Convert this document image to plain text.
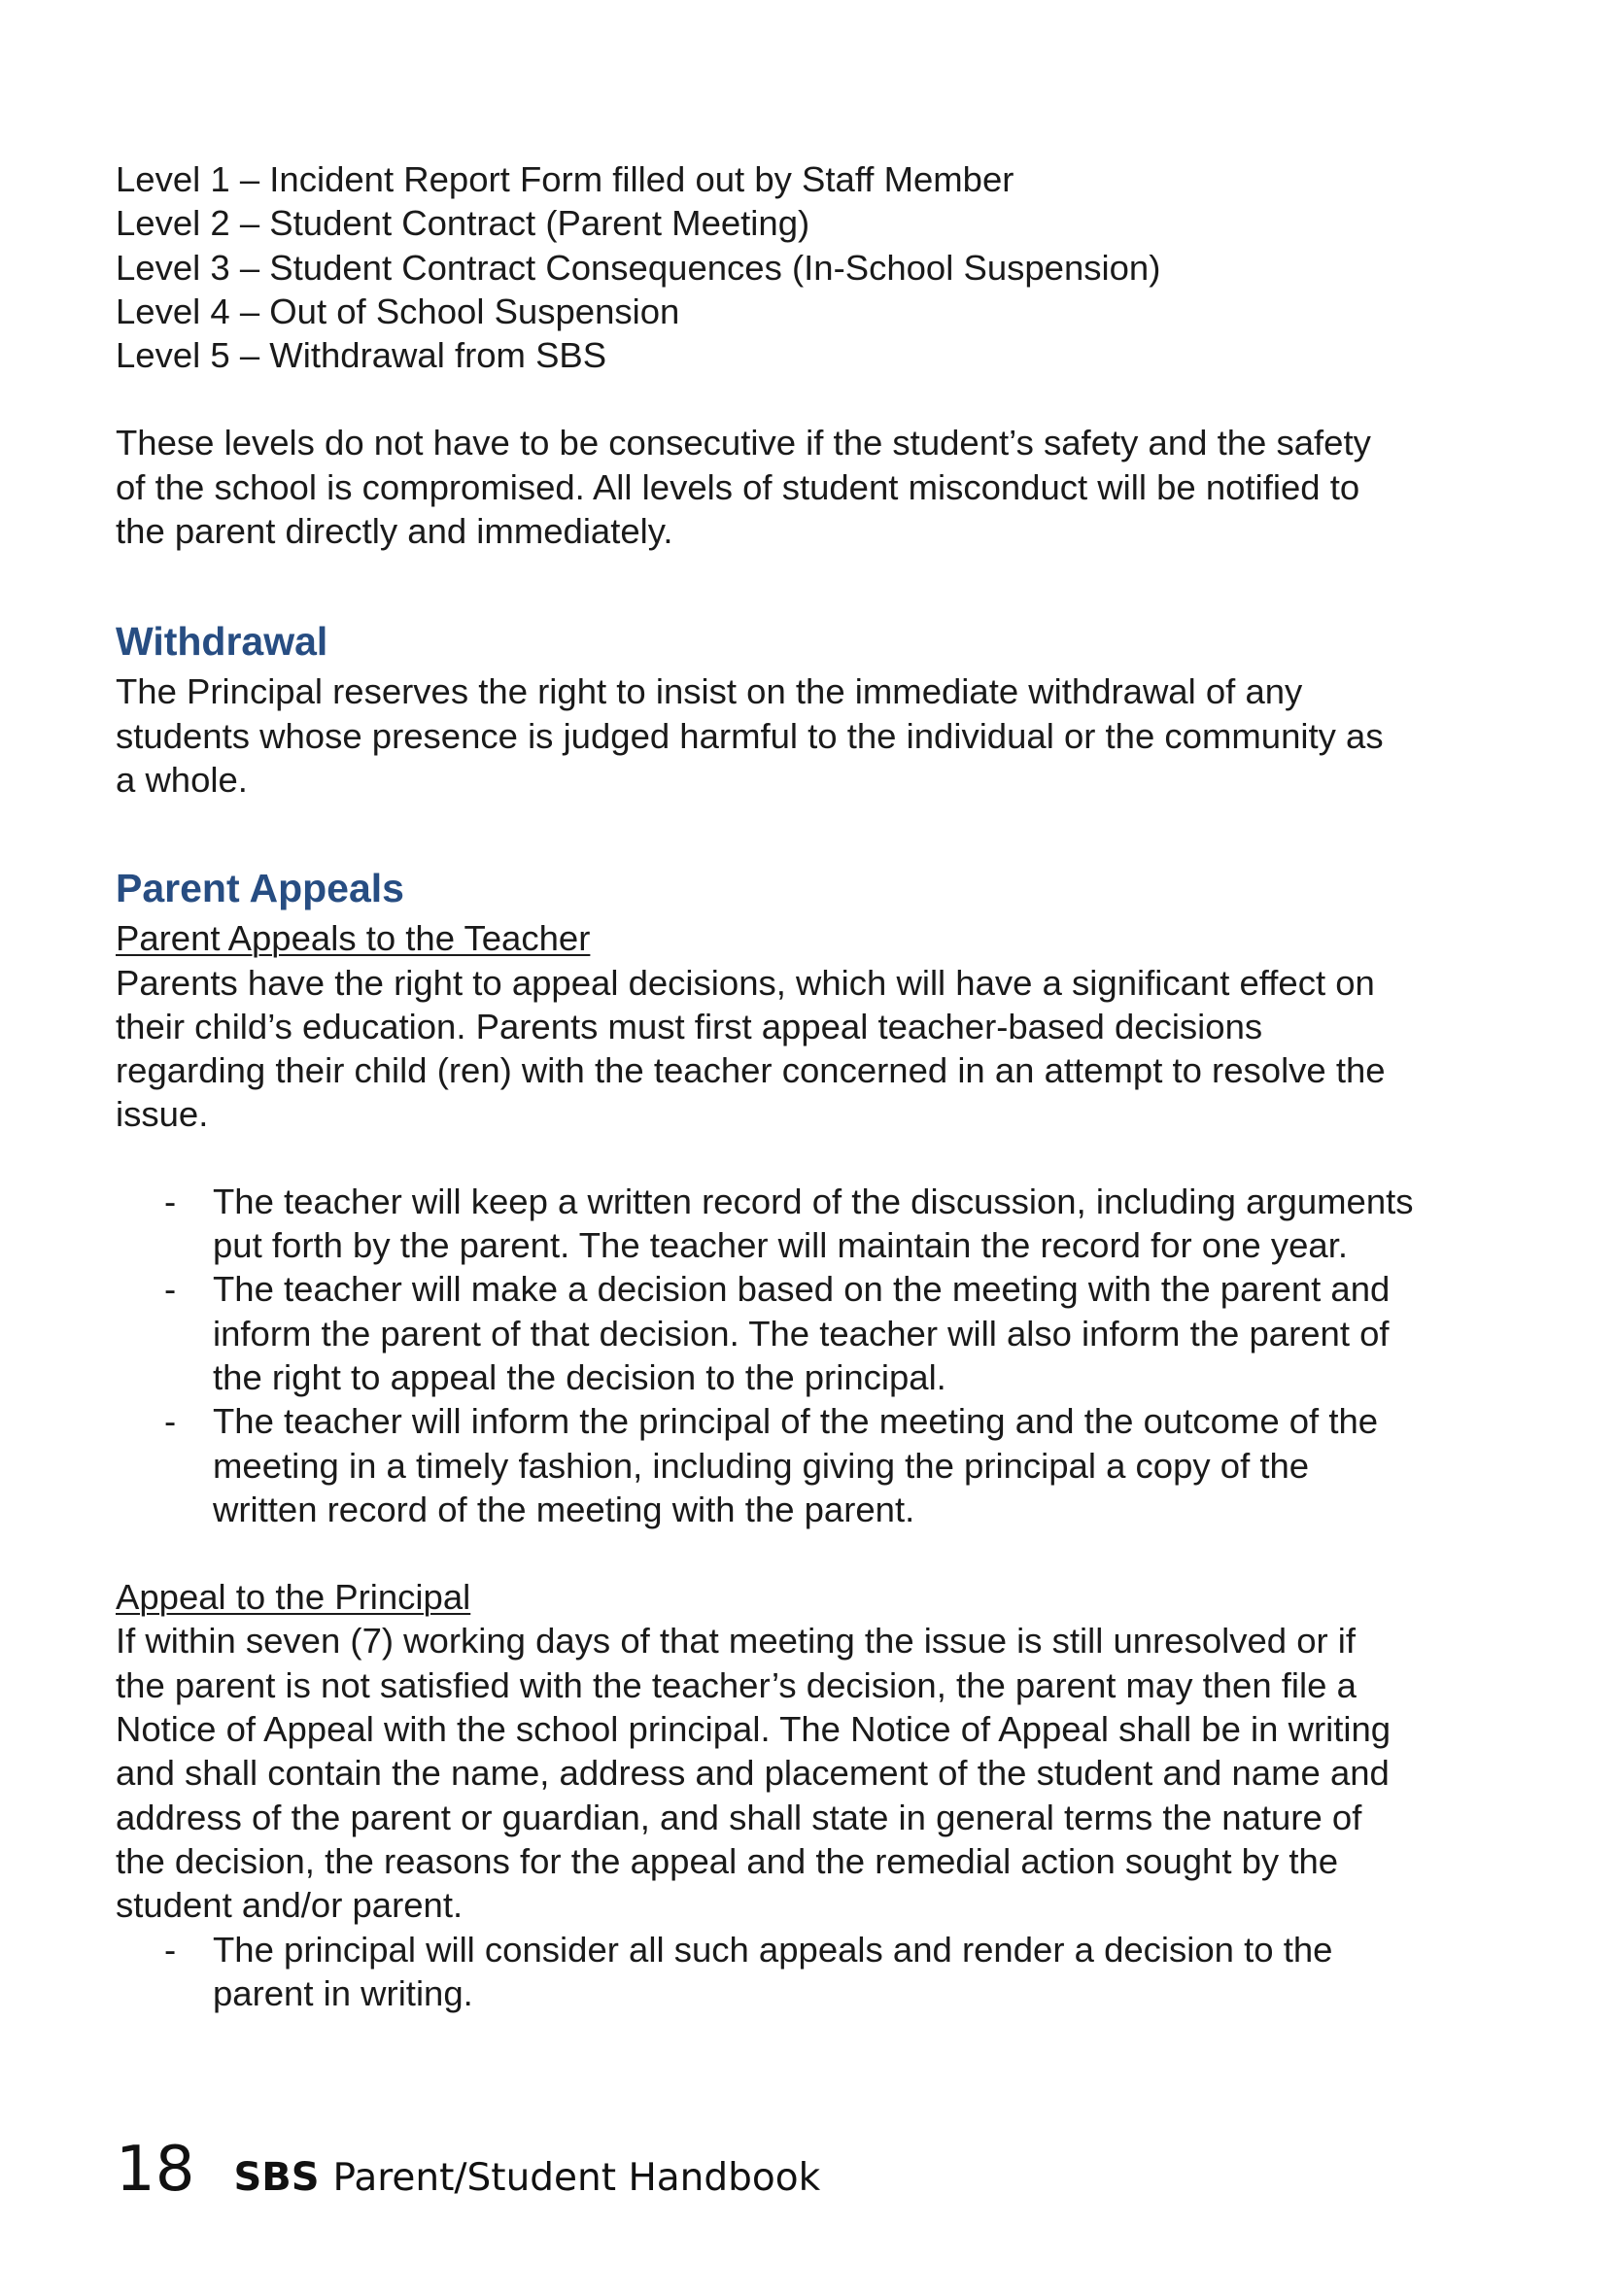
Level 1 – Incident Report Form filled out by Staff Member
Level 2 – Student Contract (Parent Meeting)
Level 3 – Student Contract Consequences (In-School Suspension)
Level 4 – Out of School Suspension
Level 5 – Withdrawal from SBS

These levels do not have to be consecutive if the student’s safety and the safety
of the school is compromised. All levels of student misconduct will be notified to
the parent directly and immediately.

Withdrawal

The Principal reserves the right to insist on the immediate withdrawal of any
students whose presence is judged harmful to the individual or the community as
a whole.

Parent Appeals
Parent Appeals to the Teacher

Parents have the right to appeal decisions, which will have a significant effect on
their child’s education. Parents must first appeal teacher-based decisions
regarding their child (ren) with the teacher concerned in an attempt to resolve the
issue.

- The teacher will keep a written record of the discussion, including arguments
put forth by the parent. The teacher will maintain the record for one year.
- The teacher will make a decision based on the meeting with the parent and
inform the parent of that decision. The teacher will also inform the parent of
the right to appeal the decision to the principal.
- The teacher will inform the principal of the meeting and the outcome of the
meeting in a timely fashion, including giving the principal a copy of the
written record of the meeting with the parent.
Appeal to the Principal

If within seven (7) working days of that meeting the issue is still unresolved or if
the parent is not satisfied with the teacher’s decision, the parent may then file a
Notice of Appeal with the school principal. The Notice of Appeal shall be in writing
and shall contain the name, address and placement of the student and name and
address of the parent or guardian, and shall state in general terms the nature of
the decision, the reasons for the appeal and the remedial action sought by the
student and/or parent.

- The principal will consider all such appeals and render a decision to the
parent in writing.
18 SBS Parent/Student Handbook
